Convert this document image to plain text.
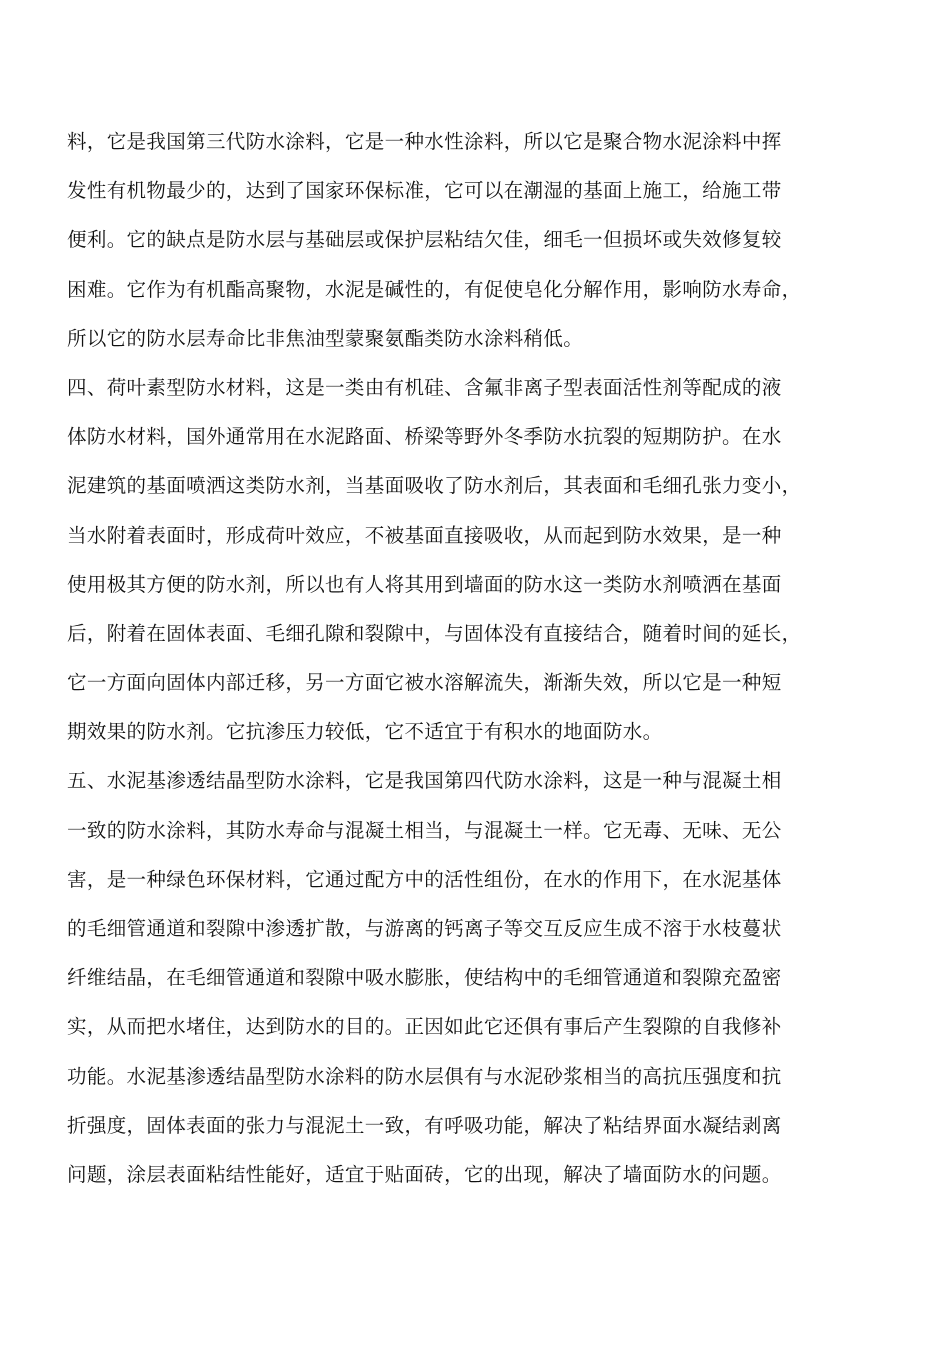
料，它是我国第三代防水涂料，它是一种水性涂料，所以它是聚合物水泥涂料中挥
发性有机物最少的，达到了国家环保标准，它可以在潮湿的基面上施工，给施工带
便利。它的缺点是防水层与基础层或保护层粘结欠佳，细毛一但损坏或失效修复较
困难。它作为有机酯高聚物，水泥是碱性的，有促使皂化分解作用，影响防水寿命，
所以它的防水层寿命比非焦油型蒙聚氨酯类防水涂料稍低。
四、荷叶素型防水材料，这是一类由有机硅、含氟非离子型表面活性剂等配成的液
体防水材料，国外通常用在水泥路面、桥梁等野外冬季防水抗裂的短期防护。在水
泥建筑的基面喷洒这类防水剂，当基面吸收了防水剂后，其表面和毛细孔张力变小，
当水附着表面时，形成荷叶效应，不被基面直接吸收，从而起到防水效果，是一种
使用极其方便的防水剂，所以也有人将其用到墙面的防水这一类防水剂喷洒在基面
后，附着在固体表面、毛细孔隙和裂隙中，与固体没有直接结合，随着时间的延长，
它一方面向固体内部迁移，另一方面它被水溶解流失，渐渐失效，所以它是一种短
期效果的防水剂。它抗渗压力较低，它不适宜于有积水的地面防水。
五、水泥基渗透结晶型防水涂料，它是我国第四代防水涂料，这是一种与混凝土相
一致的防水涂料，其防水寿命与混凝土相当，与混凝土一样。它无毒、无味、无公
害，是一种绿色环保材料，它通过配方中的活性组份，在水的作用下，在水泥基体
的毛细管通道和裂隙中渗透扩散，与游离的钙离子等交互反应生成不溶于水枝蔓状
纤维结晶，在毛细管通道和裂隙中吸水膨胀，使结构中的毛细管通道和裂隙充盈密
实，从而把水堵住，达到防水的目的。正因如此它还俱有事后产生裂隙的自我修补
功能。水泥基渗透结晶型防水涂料的防水层俱有与水泥砂浆相当的高抗压强度和抗
折强度，固体表面的张力与混泥土一致，有呼吸功能，解决了粘结界面水凝结剥离
问题，涂层表面粘结性能好，适宜于贴面砖，它的出现，解决了墙面防水的问题。
